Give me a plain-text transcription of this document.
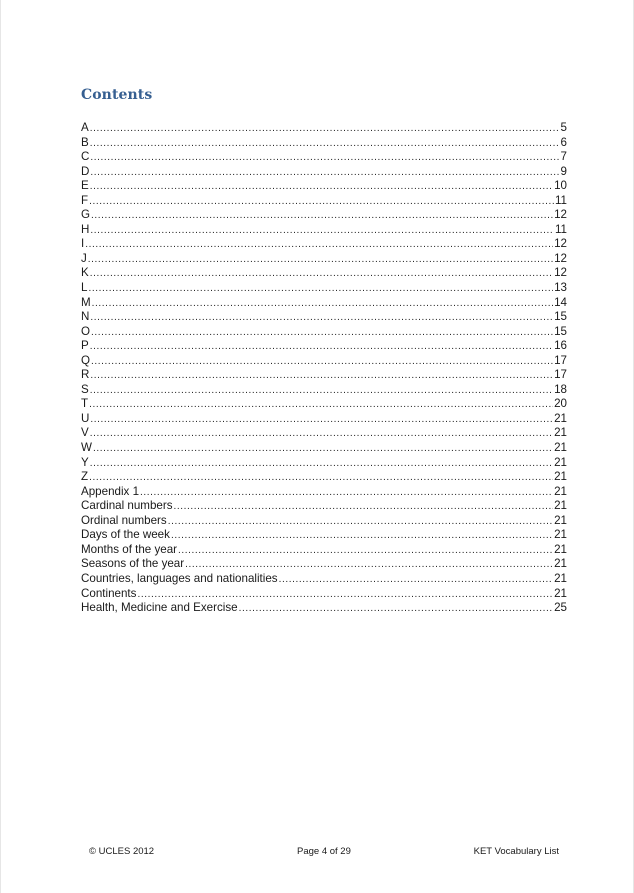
Contents
A .....	5
B .....	6
C .....	7
D .....	9
E .....	10
F .....	11
G .....	12
H .....	11
I .....	12
J .....	12
K .....	12
L .....	13
M .....	14
N .....	15
O .....	15
P .....	16
Q .....	17
R .....	17
S .....	18
T .....	20
U .....	21
V .....	21
W .....	21
Y .....	21
Z .....	21
Appendix 1 .....	21
Cardinal numbers .....	21
Ordinal numbers .....	21
Days of the week .....	21
Months of the year .....	21
Seasons of the year .....	21
Countries, languages and nationalities .....	21
Continents .....	21
Health, Medicine and Exercise .....	25
© UCLES 2012	Page 4 of 29	KET Vocabulary List
